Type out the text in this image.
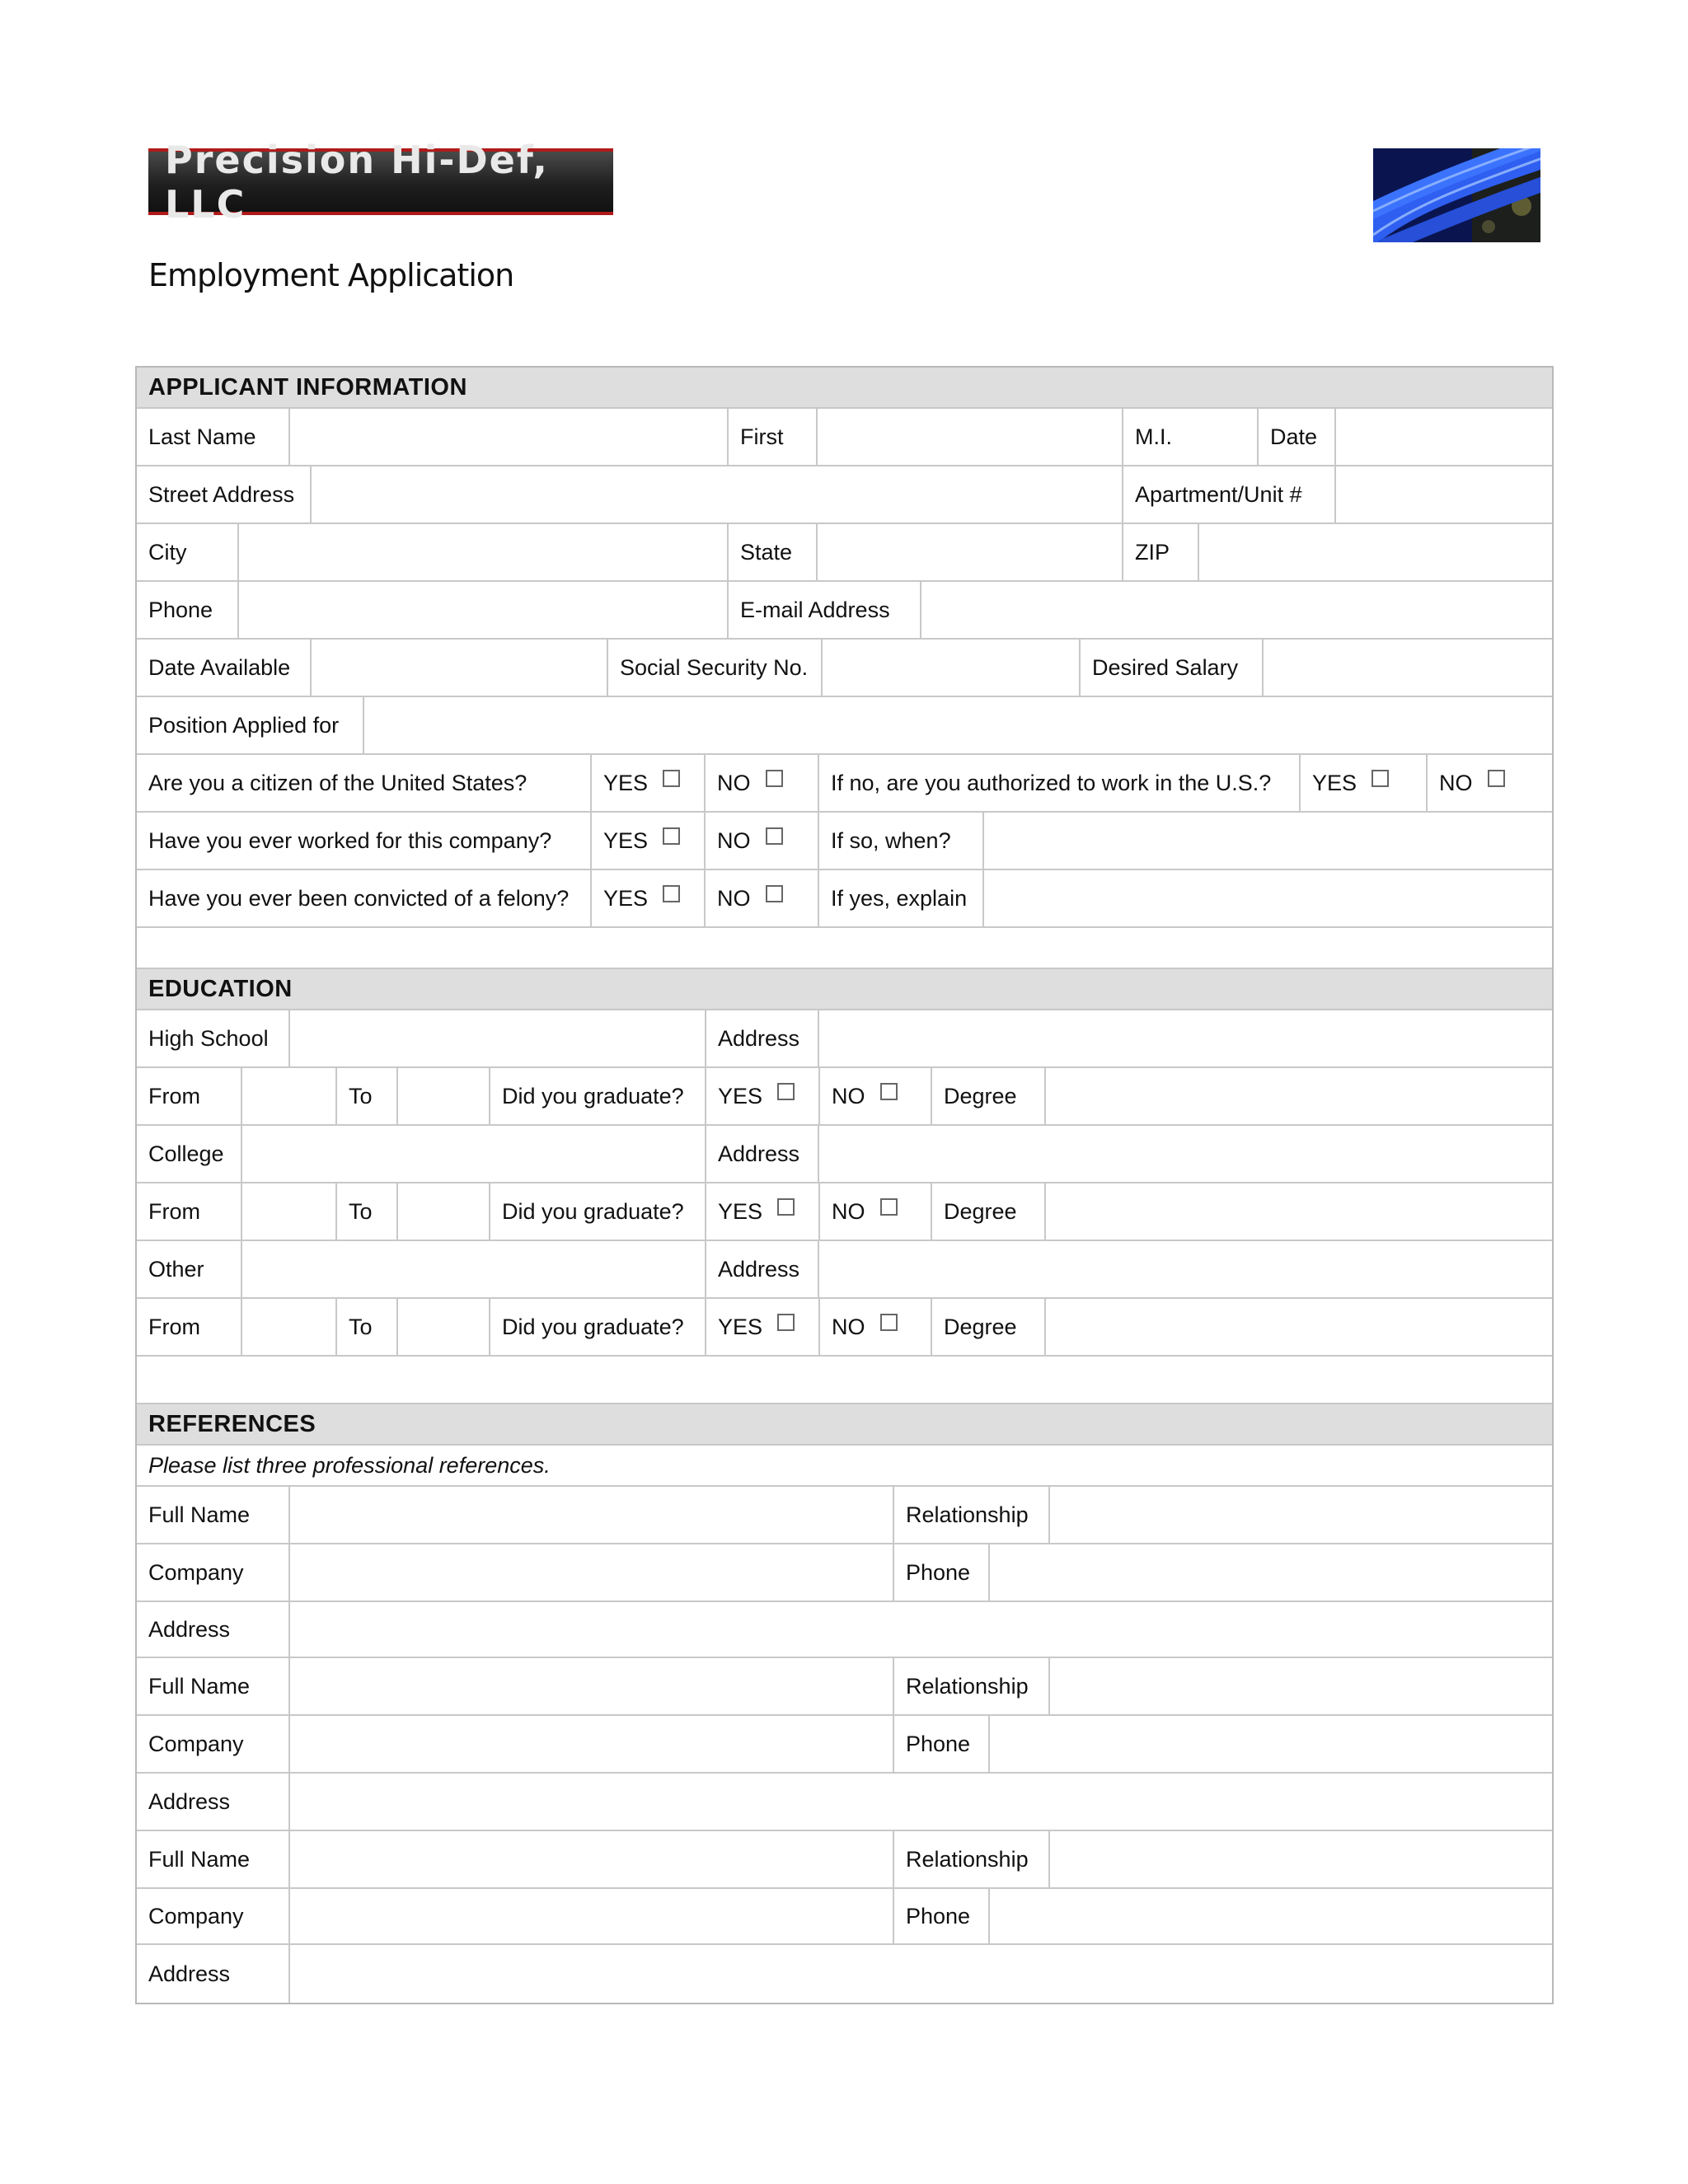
Precision Hi-Def, LLC
Employment Application
APPLICANT INFORMATION
Last Name	First	M.I.	Date
Street Address	Apartment/Unit #
City	State	ZIP
Phone	E-mail Address
Date Available	Social Security No.	Desired Salary
Position Applied for
Are you a citizen of the United States?	YES	NO	If no, are you authorized to work in the U.S.?	YES	NO
Have you ever worked for this company?	YES	NO	If so, when?
Have you ever been convicted of a felony?	YES	NO	If yes, explain
EDUCATION
High School	Address
From	To	Did you graduate?	YES	NO	Degree
College	Address
From	To	Did you graduate?	YES	NO	Degree
Other	Address
From	To	Did you graduate?	YES	NO	Degree
REFERENCES
Please list three professional references.
Full Name	Relationship
Company	Phone
Address
Full Name	Relationship
Company	Phone
Address
Full Name	Relationship
Company	Phone
Address
